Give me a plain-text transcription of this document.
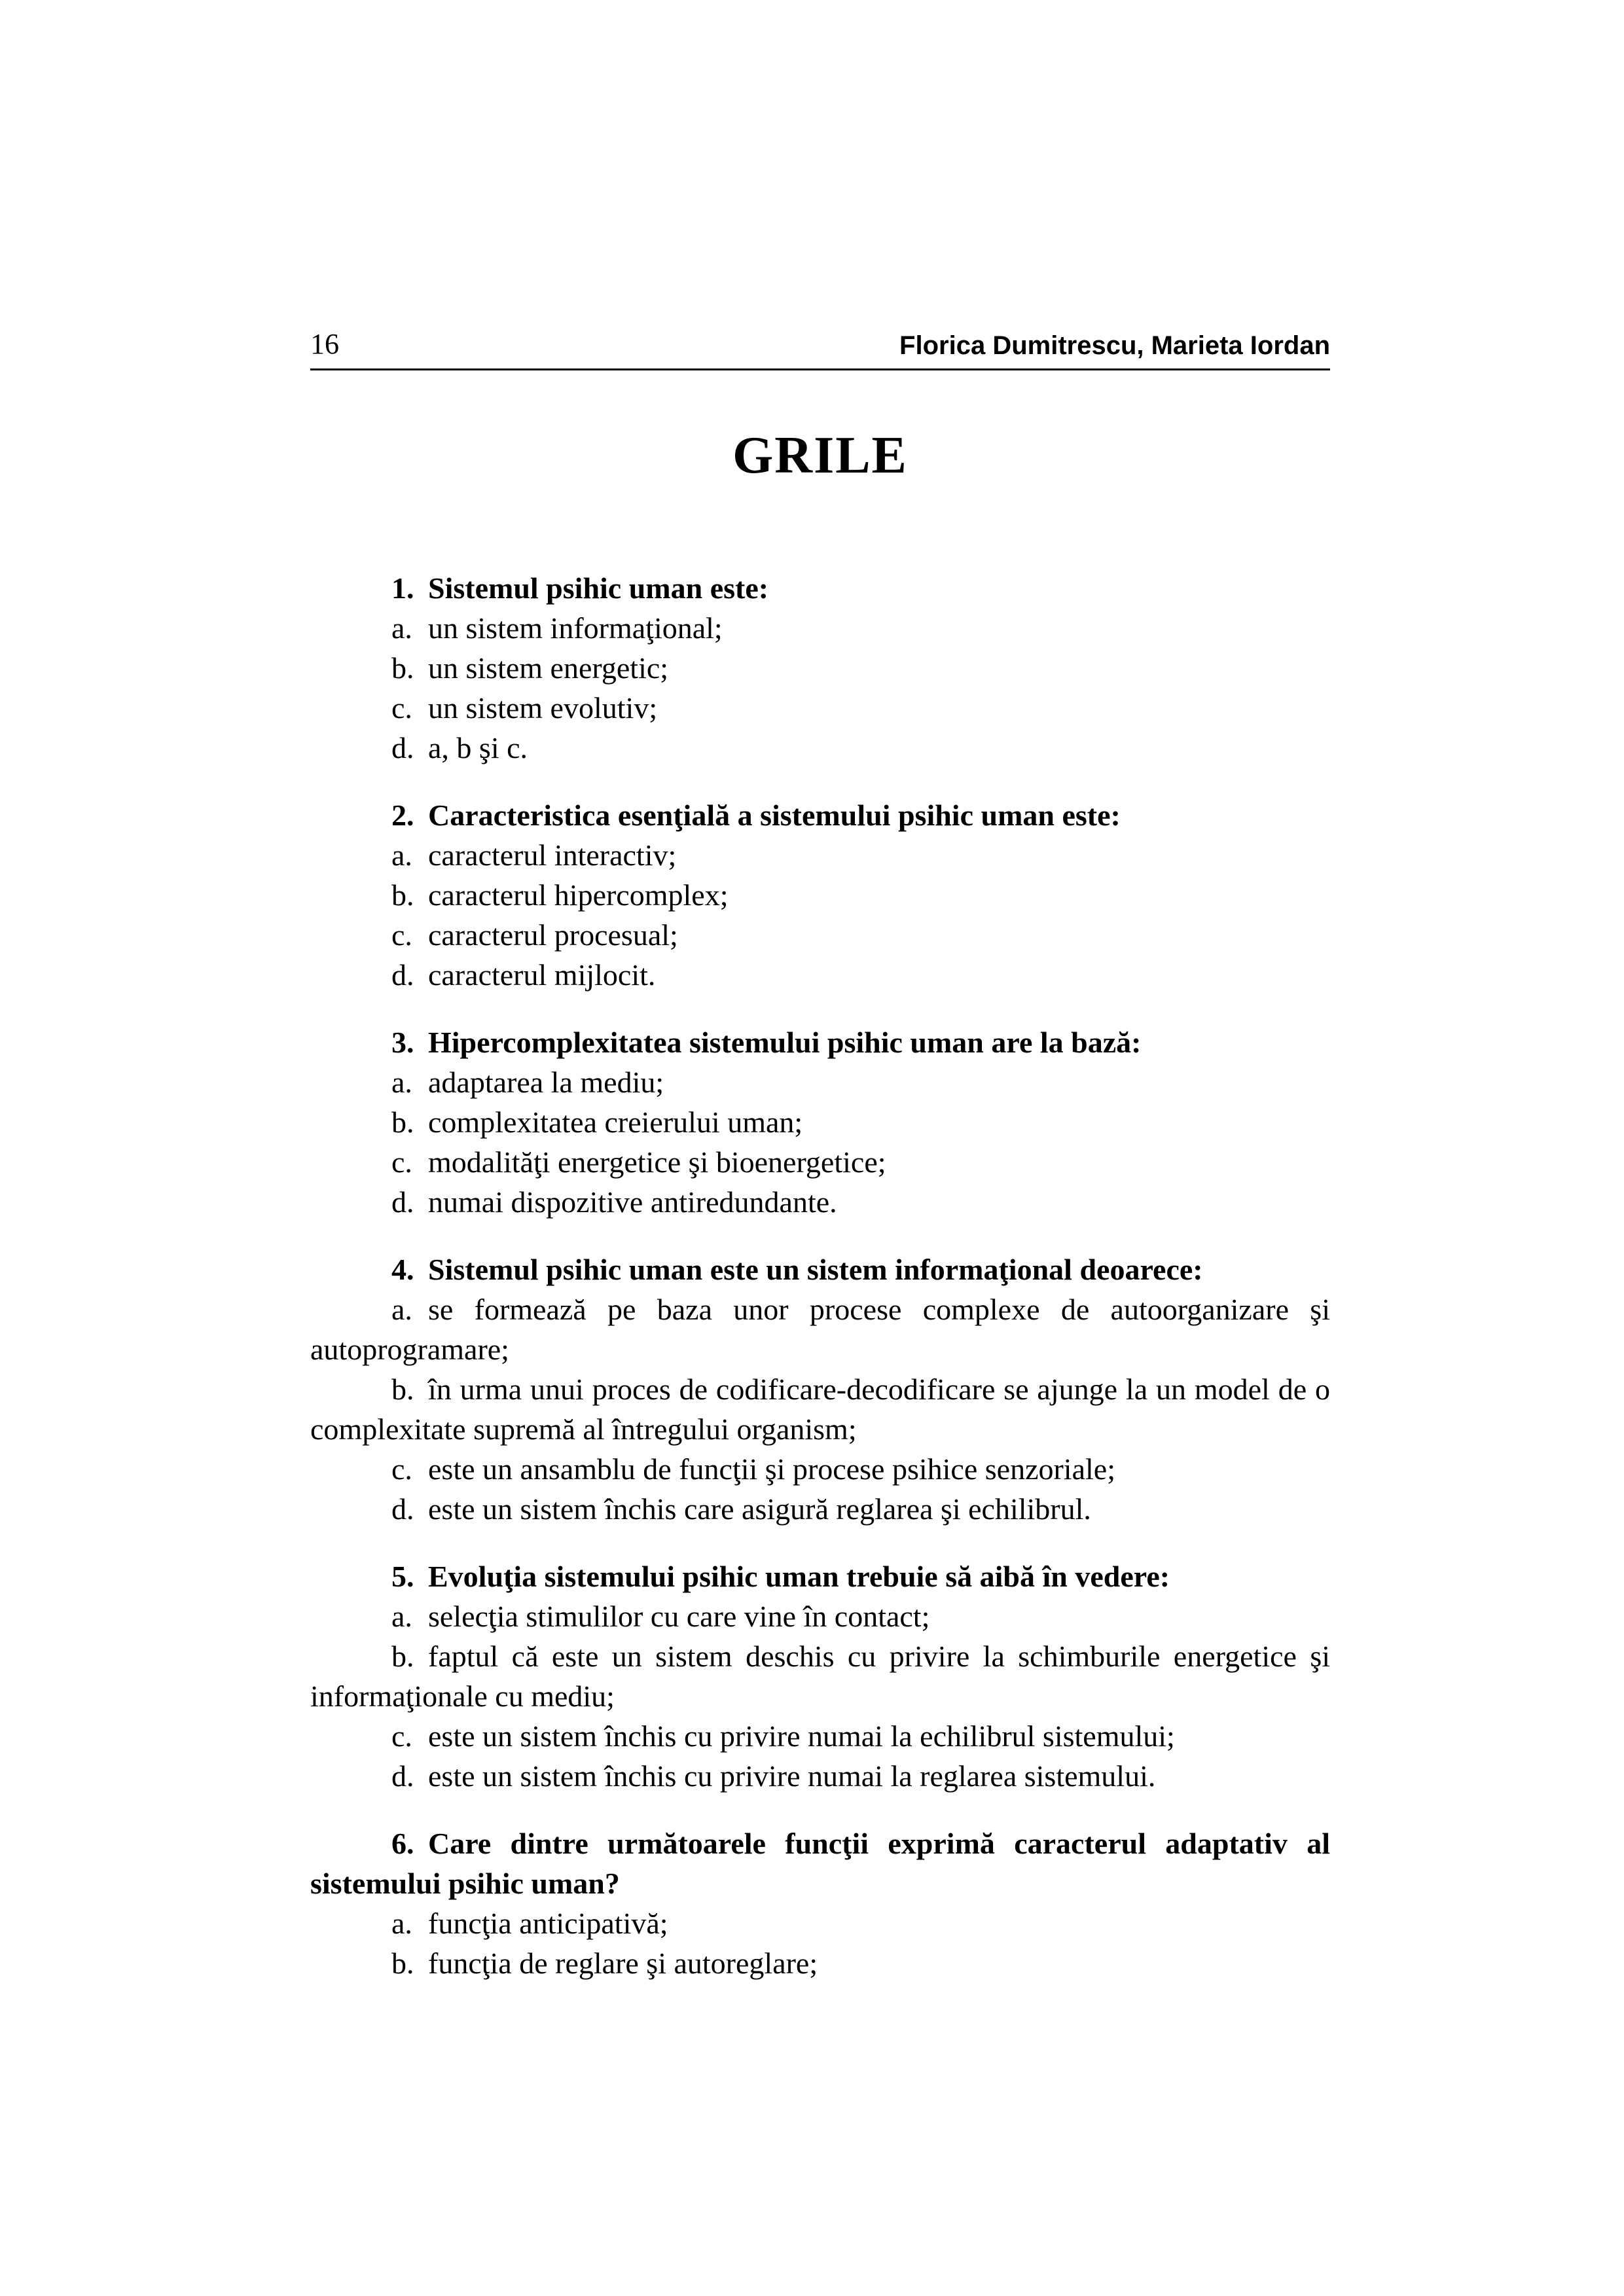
16	Florica Dumitrescu, Marieta Iordan
GRILE

1. Sistemul psihic uman este:

a. un sistem informaţional;

b. un sistem energetic;

c. un sistem evolutiv;

d. a, b şi c.

2. Caracteristica esenţială a sistemului psihic uman este:

a. caracterul interactiv;

b. caracterul hipercomplex;

c. caracterul procesual;

d. caracterul mijlocit.

3. Hipercomplexitatea sistemului psihic uman are la bază:

a. adaptarea la mediu;

b. complexitatea creierului uman;

c. modalităţi energetice şi bioenergetice;

d. numai dispozitive antiredundante.

4. Sistemul psihic uman este un sistem informaţional deoarece:

a. se formează pe baza unor procese complexe de autoorganizare şi autoprogramare;

b. în urma unui proces de codificare-decodificare se ajunge la un model de o complexitate supremă al întregului organism;

c. este un ansamblu de funcţii şi procese psihice senzoriale;

d. este un sistem închis care asigură reglarea şi echilibrul.

5. Evoluţia sistemului psihic uman trebuie să aibă în vedere:

a. selecţia stimulilor cu care vine în contact;

b. faptul că este un sistem deschis cu privire la schimburile energetice şi informaţionale cu mediu;

c. este un sistem închis cu privire numai la echilibrul sistemului;

d. este un sistem închis cu privire numai la reglarea sistemului.

6. Care dintre următoarele funcţii exprimă caracterul adaptativ al sistemului psihic uman?

a. funcţia anticipativă;

b. funcţia de reglare şi autoreglare;
